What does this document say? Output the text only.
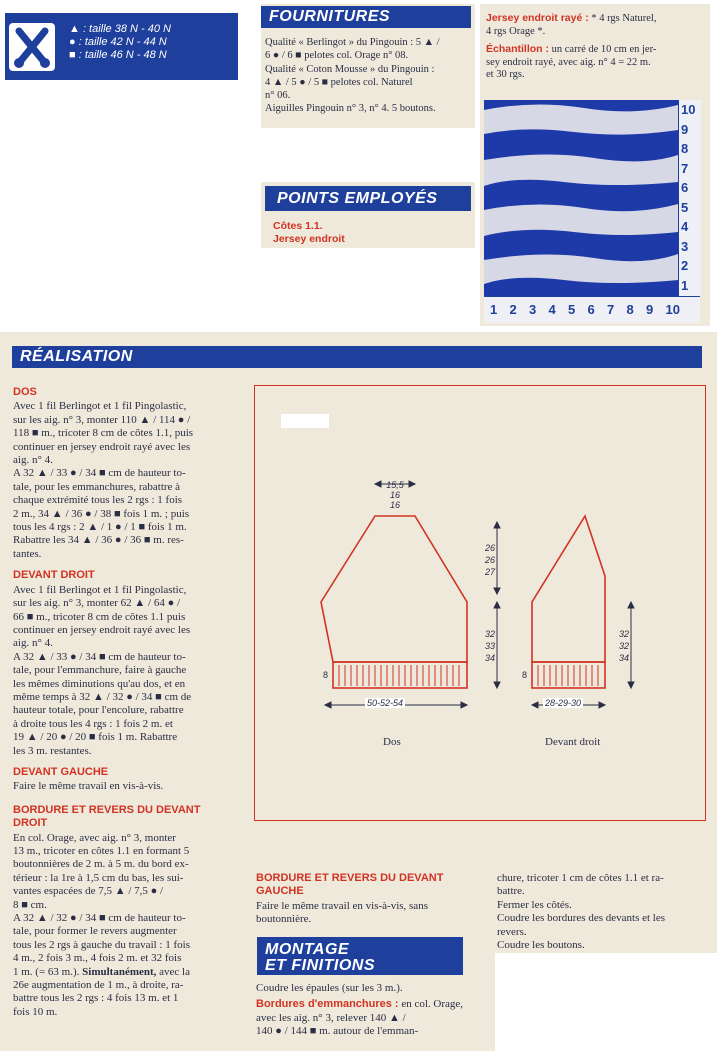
▲ : taille 38 N - 40 N
● : taille 42 N - 44 N
■ : taille 46 N - 48 N
FOURNITURES
Qualité « Berlingot » du Pingouin : 5 ▲ /
6 ● / 6 ■ pelotes col. Orage n° 08.
Qualité « Coton Mousse » du Pingouin :
4 ▲ / 5 ● / 5 ■ pelotes col. Naturel
n° 06.
Aiguilles Pingouin n° 3, n° 4. 5 boutons.
POINTS EMPLOYÉS
Côtes 1.1.
Jersey endroit
Jersey endroit rayé : * 4 rgs Naturel,
4 rgs Orage *.
Échantillon : un carré de 10 cm en jer-
sey endroit rayé, avec aig. n° 4 = 22 m.
et 30 rgs.
10
9
8
7
6
5
4
3
2
1
1 2 3 4 5 6 7 8 9 10
RÉALISATION
DOS
Avec 1 fil Berlingot et 1 fil Pingolastic,
sur les aig. n° 3, monter 110 ▲ / 114 ● /
118 ■ m., tricoter 8 cm de côtes 1.1, puis
continuer en jersey endroit rayé avec les
aig. n° 4.
A 32 ▲ / 33 ● / 34 ■ cm de hauteur to-
tale, pour les emmanchures, rabattre à
chaque extrémité tous les 2 rgs : 1 fois
2 m., 34 ▲ / 36 ● / 38 ■ fois 1 m. ; puis
tous les 4 rgs : 2 ▲ / 1 ● / 1 ■ fois 1 m.
Rabattre les 34 ▲ / 36 ● / 36 ■ m. res-
tantes.
DEVANT DROIT
Avec 1 fil Berlingot et 1 fil Pingolastic,
sur les aig. n° 3, monter 62 ▲ / 64 ● /
66 ■ m., tricoter 8 cm de côtes 1.1 puis
continuer en jersey endroit rayé avec les
aig. n° 4.
A 32 ▲ / 33 ● / 34 ■ cm de hauteur to-
tale, pour l'emmanchure, faire à gauche
les mêmes diminutions qu'au dos, et en
même temps à 32 ▲ / 32 ● / 34 ■ cm de
hauteur totale, pour l'encolure, rabattre
à droite tous les 4 rgs : 1 fois 2 m. et
19 ▲ / 20 ● / 20 ■ fois 1 m. Rabattre
les 3 m. restantes.
DEVANT GAUCHE
Faire le même travail en vis-à-vis.
BORDURE ET REVERS DU DEVANT
DROIT
En col. Orage, avec aig. n° 3, monter
13 m., tricoter en côtes 1.1 en formant 5
boutonnières de 2 m. à 5 m. du bord ex-
térieur : la 1re à 1,5 cm du bas, les sui-
vantes espacées de 7,5 ▲ / 7,5 ● /
8 ■ cm.
A 32 ▲ / 32 ● / 34 ■ cm de hauteur to-
tale, pour former le revers augmenter
tous les 2 rgs à gauche du travail : 1 fois
4 m., 2 fois 3 m., 4 fois 2 m. et 32 fois
1 m. (= 63 m.). Simultanément, avec la
26e augmentation de 1 m., à droite, ra-
battre tous les 2 rgs : 4 fois 13 m. et 1
fois 10 m.
15,5
16
16
50-52-54
8
26
26
27
32
33
34
32
32
34
28-29-30
8
Dos	Devant droit
BORDURE ET REVERS DU DEVANT
GAUCHE
Faire le même travail en vis-à-vis, sans
boutonnière.
MONTAGE
ET FINITIONS
Coudre les épaules (sur les 3 m.).
Bordures d'emmanchures : en col. Orage,
avec les aig. n° 3, relever 140 ▲ /
140 ● / 144 ■ m. autour de l'emman-
chure, tricoter 1 cm de côtes 1.1 et ra-
battre.
Fermer les côtés.
Coudre les bordures des devants et les
revers.
Coudre les boutons.
